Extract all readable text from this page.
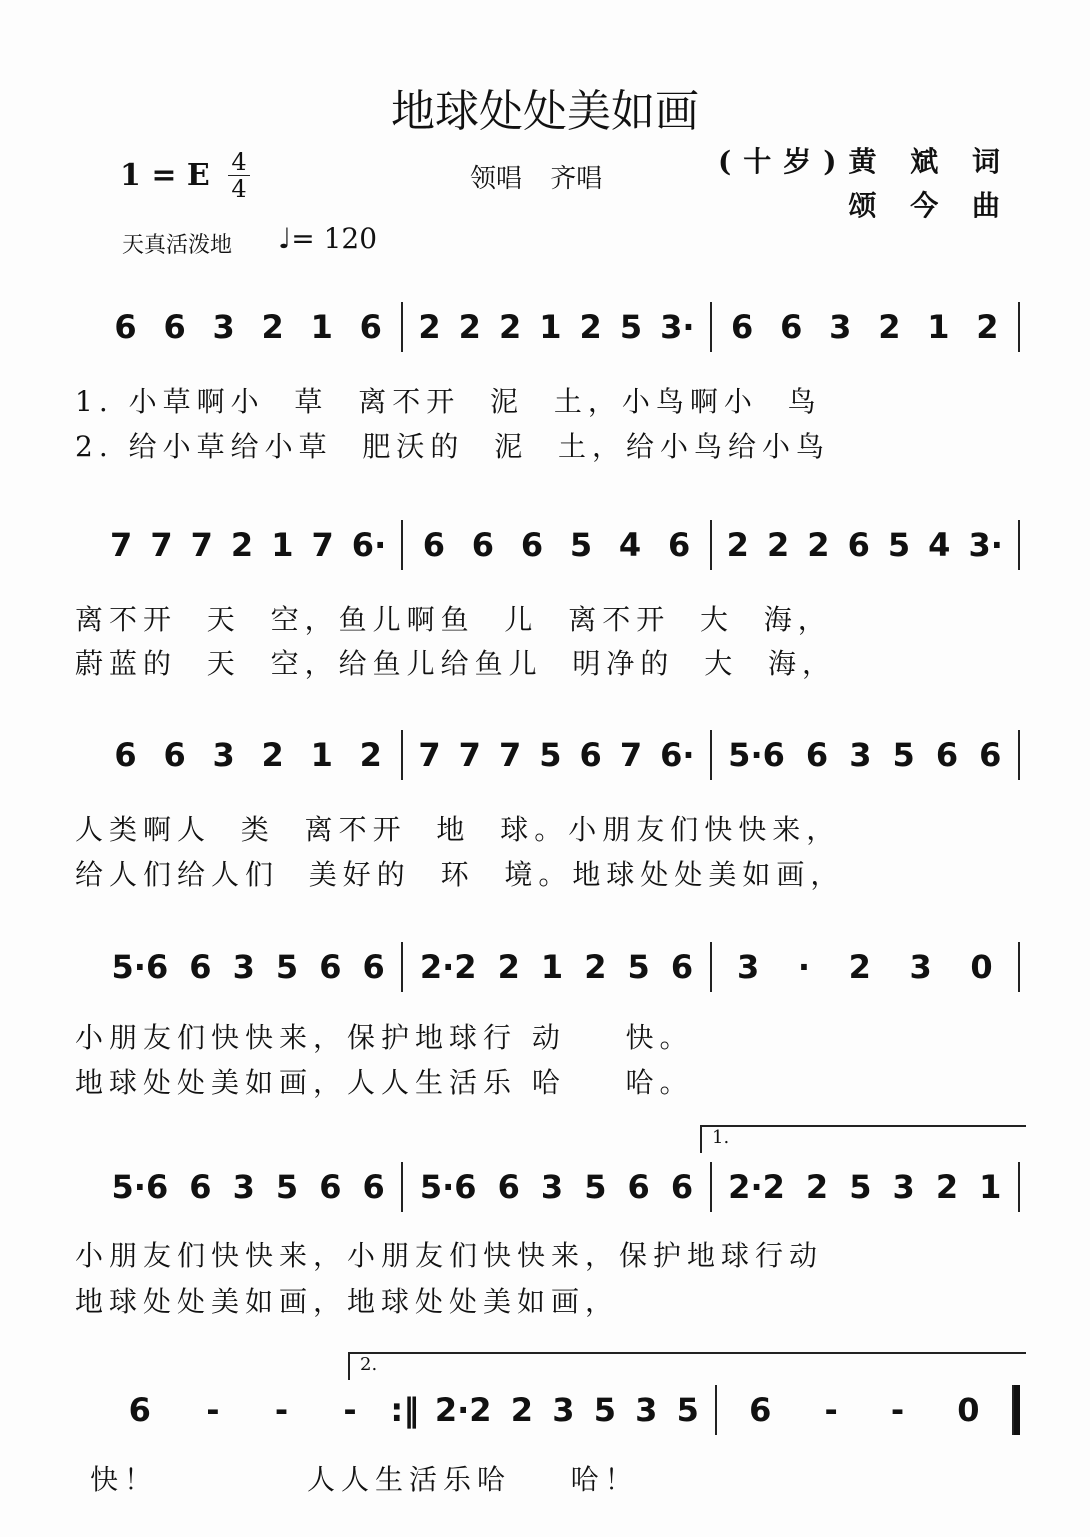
地球处处美如画
1 = E 4
4	领唱 齐唱
(十岁)黄 斌 词
颂 今 曲
天真活泼地 ♩= 120
1.
2.
6 6 3 2 1 6 2 2 2 1 2 5 3· 6 6 3 2 1 2
1. 小草啊小  草  离不开  泥  土，小鸟啊小  鸟
2. 给小草给小草  肥沃的  泥  土，给小鸟给小鸟
7 7 7 2 1 7 6· 6 6 6 5 4 6 2 2 2 6 5 4 3·
离不开  天  空，鱼儿啊鱼  儿  离不开  大  海，
蔚蓝的  天  空，给鱼儿给鱼儿  明净的  大  海，
6 6 3 2 1 2 7 7 7 5 6 7 6· 5·6 6 3 5 6 6
人类啊人  类  离不开  地  球。小朋友们快快来，
给人们给人们  美好的  环  境。地球处处美如画，
5·6 6 3 5 6 6 2·2 2 1 2 5 6 3 · 2 3 0
小朋友们快快来，保护地球行 动    快。
地球处处美如画，人人生活乐 哈    哈。
5·6 6 3 5 6 6 5·6 6 3 5 6 6 2·2 2 5 3 2 1
小朋友们快快来，小朋友们快快来，保护地球行动
地球处处美如画，地球处处美如画，
6 - - - :‖ 2·2 2 3 5 3 5 6 - - 0
快！          人人生活乐哈    哈！
